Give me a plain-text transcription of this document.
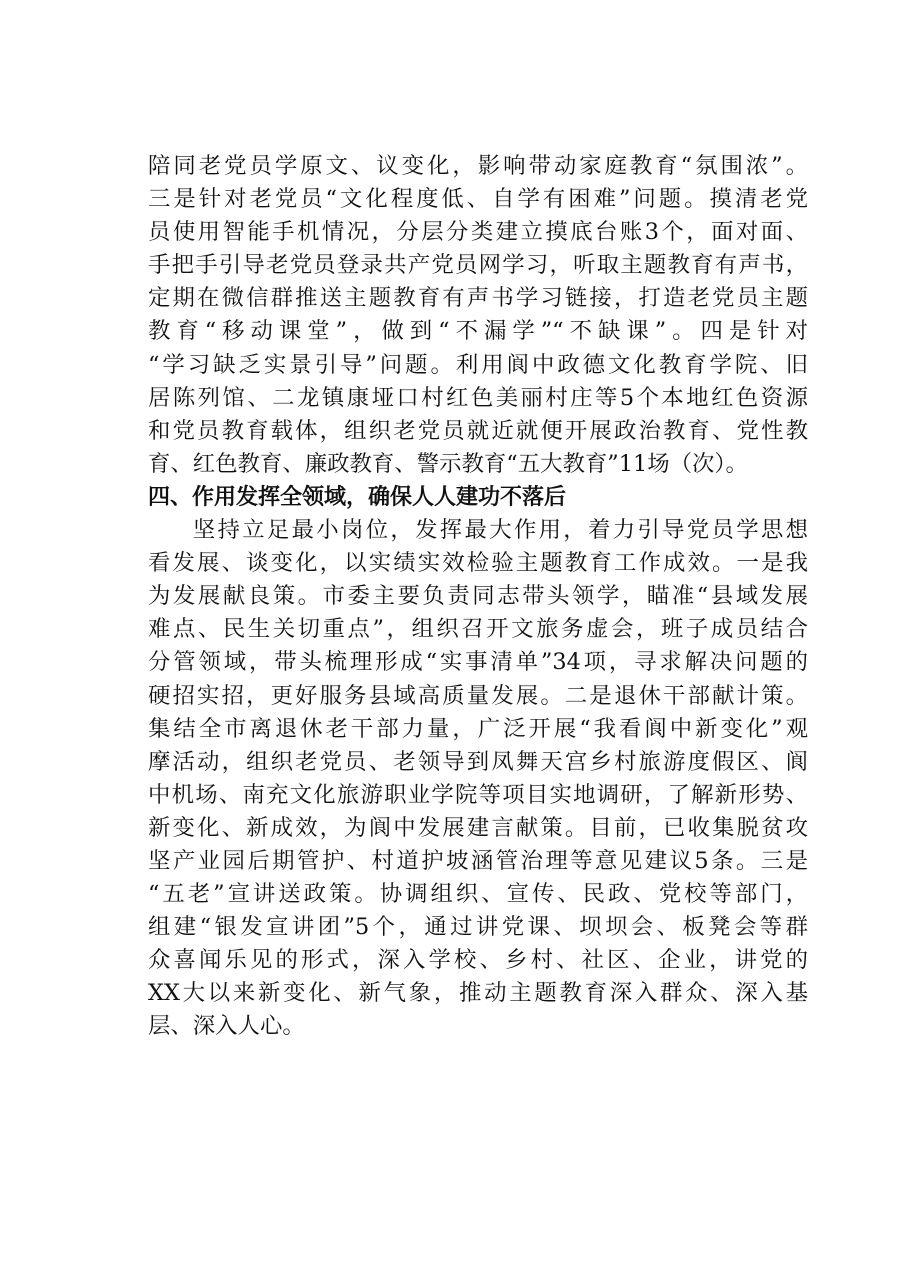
陪同老党员学原文、议变化，影响带动家庭教育“氛围浓”。
三是针对老党员“文化程度低、自学有困难”问题。摸清老党
员使用智能手机情况，分层分类建立摸底台账3个，面对面、
手把手引导老党员登录共产党员网学习，听取主题教育有声书，
定期在微信群推送主题教育有声书学习链接，打造老党员主题
教育“移动课堂”，做到“不漏学”“不缺课”。四是针对
“学习缺乏实景引导”问题。利用阆中政德文化教育学院、旧
居陈列馆、二龙镇康垭口村红色美丽村庄等5个本地红色资源
和党员教育载体，组织老党员就近就便开展政治教育、党性教
育、红色教育、廉政教育、警示教育“五大教育”11场（次）。
四、作用发挥全领域，确保人人建功不落后
坚持立足最小岗位，发挥最大作用，着力引导党员学思想
看发展、谈变化，以实绩实效检验主题教育工作成效。一是我
为发展献良策。市委主要负责同志带头领学，瞄准“县域发展
难点、民生关切重点”，组织召开文旅务虚会，班子成员结合
分管领域，带头梳理形成“实事清单”34项，寻求解决问题的
硬招实招，更好服务县域高质量发展。二是退休干部献计策。
集结全市离退休老干部力量，广泛开展“我看阆中新变化”观
摩活动，组织老党员、老领导到凤舞天宫乡村旅游度假区、阆
中机场、南充文化旅游职业学院等项目实地调研，了解新形势、
新变化、新成效，为阆中发展建言献策。目前，已收集脱贫攻
坚产业园后期管护、村道护坡涵管治理等意见建议5条。三是
“五老”宣讲送政策。协调组织、宣传、民政、党校等部门，
组建“银发宣讲团”5个，通过讲党课、坝坝会、板凳会等群
众喜闻乐见的形式，深入学校、乡村、社区、企业，讲党的
XX大以来新变化、新气象，推动主题教育深入群众、深入基
层、深入人心。
